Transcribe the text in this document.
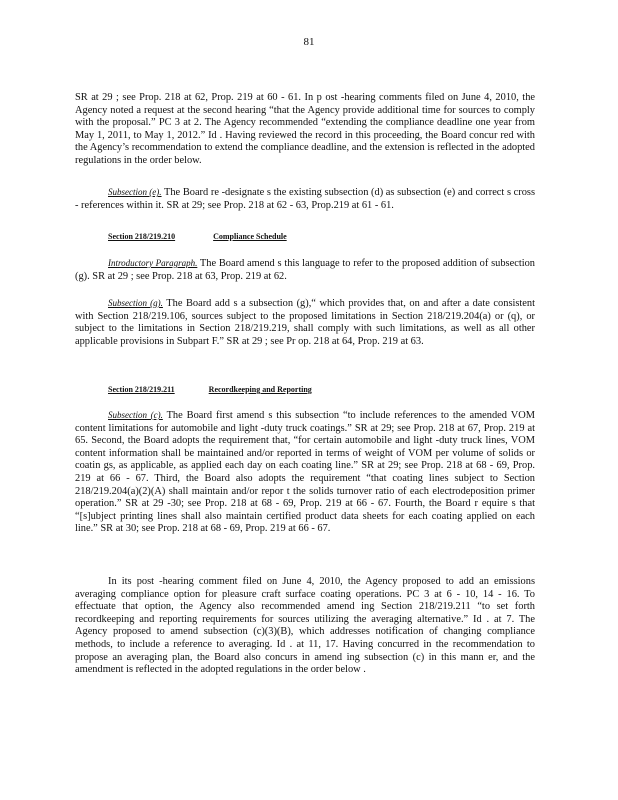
81
SR at 29 ; see Prop. 218 at 62, Prop. 219 at 60 - 61. In p ost -hearing comments filed on June 4, 2010, the Agency noted a request at the second hearing “that the Agency provide additional time for sources to comply with the proposal.” PC 3 at 2. The Agency recommended “extending the compliance deadline one year from May 1, 2011, to May 1, 2012.” Id . Having reviewed the record in this proceeding, the Board concur red with the Agency’s recommendation to extend the compliance deadline, and the extension is reflected in the adopted regulations in the order below.
Subsection (e). The Board re -designate s the existing subsection (d) as subsection (e) and correct s cross - references within it. SR at 29; see Prop. 218 at 62 - 63, Prop.219 at 61 - 61.
Section 218/219.210	Compliance Schedule
Introductory Paragraph. The Board amend s this language to refer to the proposed addition of subsection (g). SR at 29 ; see Prop. 218 at 63, Prop. 219 at 62.
Subsection (g). The Board add s a subsection (g),“ which provides that, on and after a date consistent with Section 218/219.106, sources subject to the proposed limitations in Section 218/219.204(a) or (q), or subject to the limitations in Section 218/219.219, shall comply with such limitations, as well as all other applicable provisions in Subpart F.” SR at 29 ; see Pr op. 218 at 64, Prop. 219 at 63.
Section 218/219.211	Recordkeeping and Reporting
Subsection (c). The Board first amend s this subsection “to include references to the amended VOM content limitations for automobile and light -duty truck coatings.” SR at 29; see Prop. 218 at 67, Prop. 219 at 65. Second, the Board adopts the requirement that, “for certain automobile and light -duty truck lines, VOM content information shall be maintained and/or reported in terms of weight of VOM per volume of solids or coatin gs, as applicable, as applied each day on each coating line.” SR at 29; see Prop. 218 at 68 - 69, Prop. 219 at 66 - 67. Third, the Board also adopts the requirement “that coating lines subject to Section 218/219.204(a)(2)(A) shall maintain and/or repor t the solids turnover ratio of each electrodeposition primer operation.” SR at 29 -30; see Prop. 218 at 68 - 69, Prop. 219 at 66 - 67. Fourth, the Board r equire s that “[s]ubject printing lines shall also maintain certified product data sheets for each coating applied on each line.” SR at 30; see Prop. 218 at 68 - 69, Prop. 219 at 66 - 67.
In its post -hearing comment filed on June 4, 2010, the Agency proposed to add an emissions averaging compliance option for pleasure craft surface coating operations. PC 3 at 6 - 10, 14 - 16. To effectuate that option, the Agency also recommended amend ing Section 218/219.211 “to set forth recordkeeping and reporting requirements for sources utilizing the averaging alternative.” Id . at 7. The Agency proposed to amend subsection (c)(3)(B), which addresses notification of changing compliance methods, to include a reference to averaging. Id . at 11, 17. Having concurred in the recommendation to propose an averaging plan, the Board also concurs in amend ing subsection (c) in this mann er, and the amendment is reflected in the adopted regulations in the order below .
